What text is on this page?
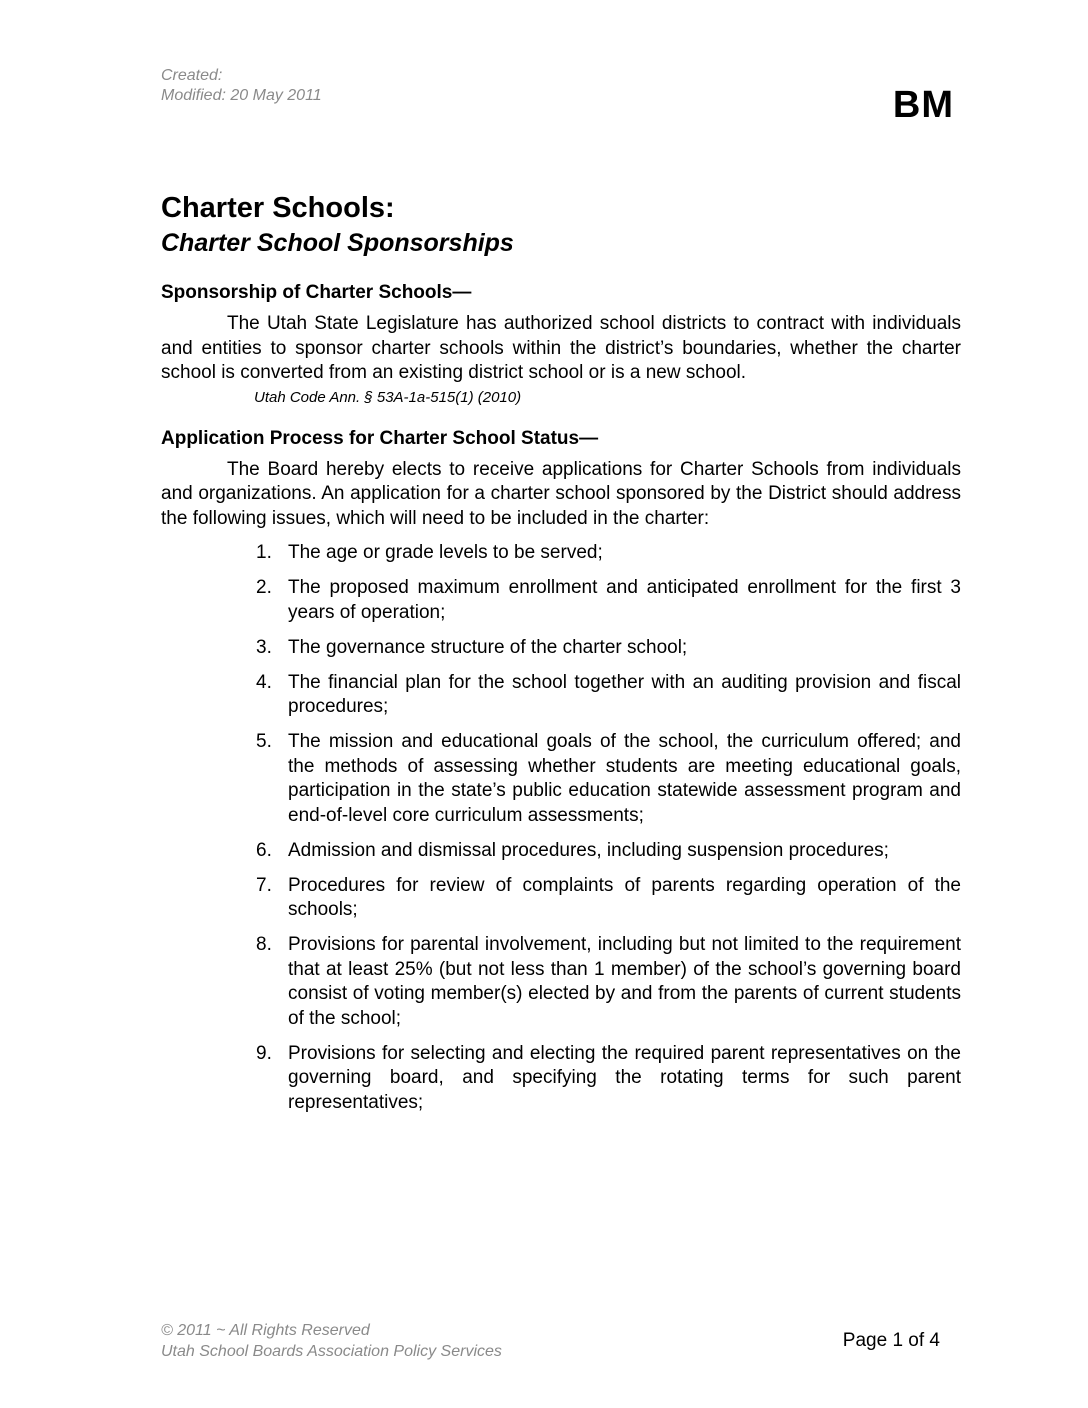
Created:
Modified: 20 May 2011	BM
Charter Schools:
Charter School Sponsorships
Sponsorship of Charter Schools—

The Utah State Legislature has authorized school districts to contract with individuals and entities to sponsor charter schools within the district’s boundaries, whether the charter school is converted from an existing district school or is a new school.

Utah Code Ann. § 53A-1a-515(1) (2010)
Application Process for Charter School Status—

The Board hereby elects to receive applications for Charter Schools from individuals and organizations. An application for a charter school sponsored by the District should address the following issues, which will need to be included in the charter:

1. The age or grade levels to be served;
2. The proposed maximum enrollment and anticipated enrollment for the first 3 years of operation;
3. The governance structure of the charter school;
4. The financial plan for the school together with an auditing provision and fiscal procedures;
5. The mission and educational goals of the school, the curriculum offered; and the methods of assessing whether students are meeting educational goals, participation in the state’s public education statewide assessment program and end-of-level core curriculum assessments;
6. Admission and dismissal procedures, including suspension procedures;
7. Procedures for review of complaints of parents regarding operation of the schools;
8. Provisions for parental involvement, including but not limited to the requirement that at least 25% (but not less than 1 member) of the school’s governing board consist of voting member(s) elected by and from the parents of current students of the school;
9. Provisions for selecting and electing the required parent representatives on the governing board, and specifying the rotating terms for such parent representatives;
© 2011 ~ All Rights Reserved
Utah School Boards Association Policy Services
Page 1 of 4
